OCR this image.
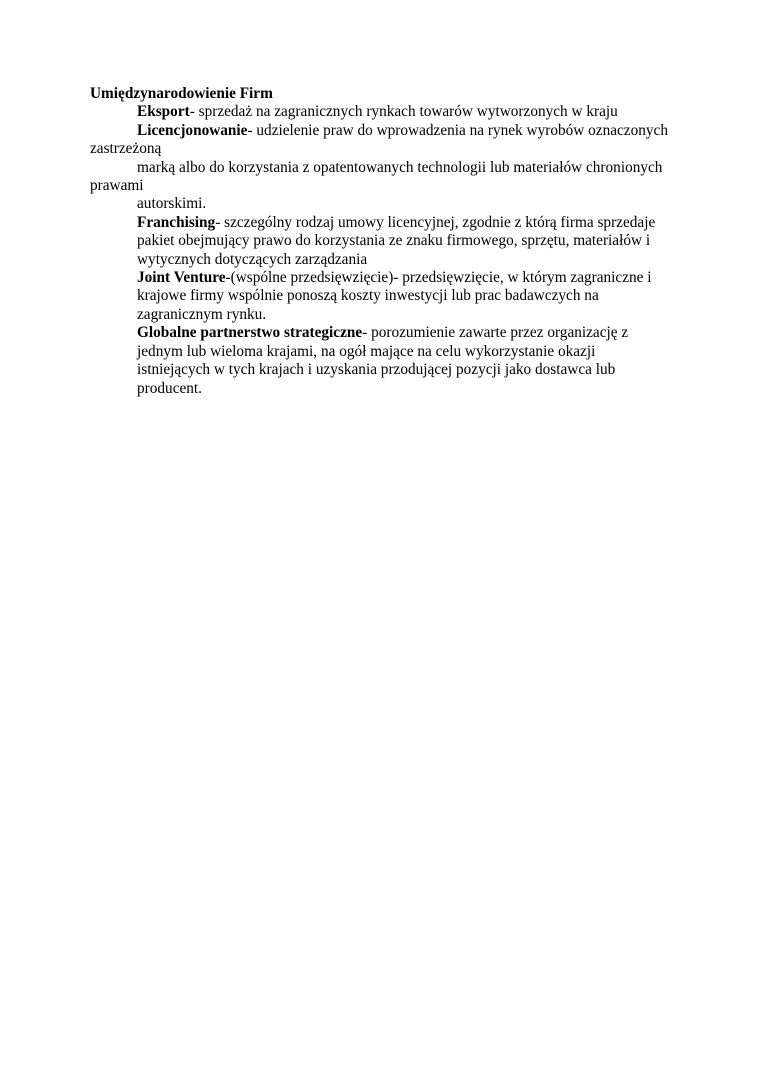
Umiędzynarodowienie Firm
Eksport- sprzedaż na zagranicznych rynkach towarów wytworzonych w kraju
Licencjonowanie- udzielenie praw do wprowadzenia na rynek wyrobów oznaczonych
zastrzeżoną
marką albo do korzystania z opatentowanych technologii lub materiałów chronionych
prawami
autorskimi.
Franchising- szczególny rodzaj umowy licencyjnej, zgodnie z którą firma sprzedaje
pakiet obejmujący prawo do korzystania ze znaku firmowego, sprzętu, materiałów i
wytycznych dotyczących zarządzania
Joint Venture-(wspólne przedsięwzięcie)- przedsięwzięcie, w którym zagraniczne i
krajowe firmy wspólnie ponoszą koszty inwestycji lub prac badawczych na
zagranicznym rynku.
Globalne partnerstwo strategiczne- porozumienie zawarte przez organizację z
jednym lub wieloma krajami, na ogół mające na celu wykorzystanie okazji
istniejących w tych krajach i uzyskania przodującej pozycji jako dostawca lub
producent.
